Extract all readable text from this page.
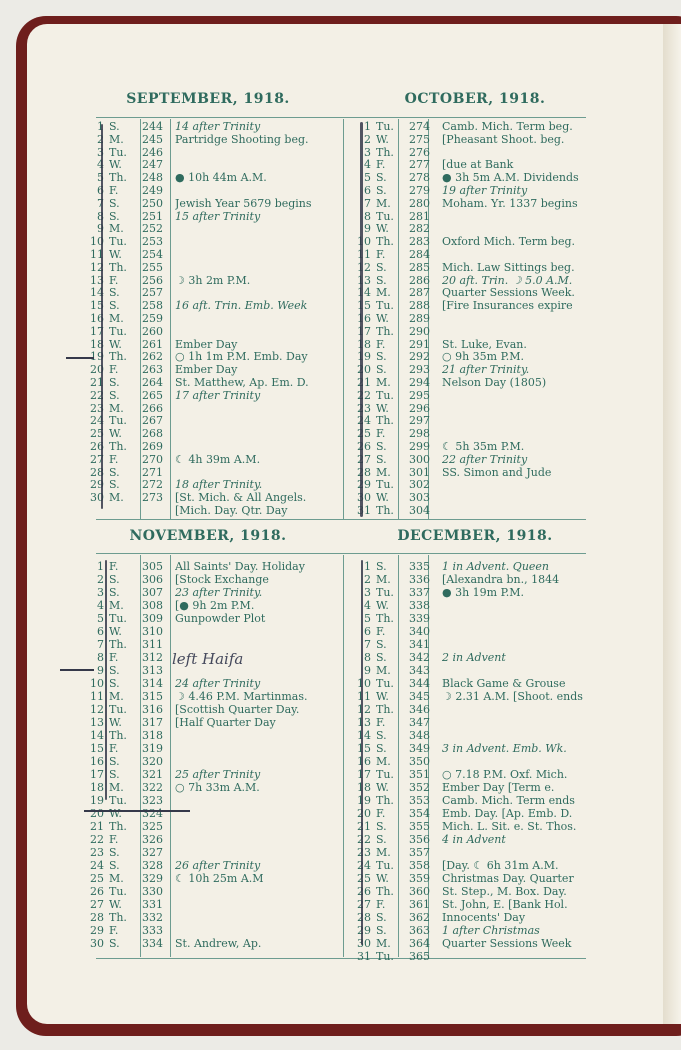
SEPTEMBER, 1918.	OCTOBER, 1918.
NOVEMBER, 1918.	DECEMBER, 1918.
1 S. 244 14 after Trinity
2 M. 245 Partridge Shooting beg.
3 Tu. 246
4 W. 247
5 Th. 248 ● 10h 44m A.M.
6 F. 249
7 S. 250 Jewish Year 5679 begins
8 S. 251 15 after Trinity
9 M. 252
10 Tu. 253
11 W. 254
12 Th. 255
13 F. 256 ☽ 3h 2m P.M.
14 S. 257
15 S. 258 16 aft. Trin. Emb. Week
16 M. 259
17 Tu. 260
18 W. 261 Ember Day
19 Th. 262 ○ 1h 1m P.M. Emb. Day
20 F. 263 Ember Day
21 S. 264 St. Matthew, Ap. Em. D.
22 S. 265 17 after Trinity
23 M. 266
24 Tu. 267
25 W. 268
26 Th. 269
27 F. 270 ☾ 4h 39m A.M.
28 S. 271
29 S. 272 18 after Trinity.
30 M. 273 [St. Mich. & All Angels.
[Mich. Day. Qtr. Day
1 Tu. 274 Camb. Mich. Term beg.
2 W. 275 [Pheasant Shoot. beg.
3 Th. 276
4 F. 277 [due at Bank
5 S. 278 ● 3h 5m A.M. Dividends
6 S. 279 19 after Trinity
7 M. 280 Moham. Yr. 1337 begins
8 Tu. 281
9 W. 282
10 Th. 283 Oxford Mich. Term beg.
11 F. 284
12 S. 285 Mich. Law Sittings beg.
13 S. 286 20 aft. Trin. ☽ 5.0 A.M.
14 M. 287 Quarter Sessions Week.
15 Tu. 288 [Fire Insurances expire
16 W. 289
17 Th. 290
18 F. 291 St. Luke, Evan.
19 S. 292 ○ 9h 35m P.M.
20 S. 293 21 after Trinity.
21 M. 294 Nelson Day (1805)
22 Tu. 295
23 W. 296
24 Th. 297
25 F. 298
26 S. 299 ☾ 5h 35m P.M.
27 S. 300 22 after Trinity
28 M. 301 SS. Simon and Jude
29 Tu. 302
30 W. 303
31 Th. 304
1 F. 305 All Saints' Day. Holiday
2 S. 306 [Stock Exchange
3 S. 307 23 after Trinity.
4 M. 308 [● 9h 2m P.M.
5 Tu. 309 Gunpowder Plot
6 W. 310
7 Th. 311
8 F. 312
9 S. 313
10 S. 314 24 after Trinity
11 M. 315 ☽ 4.46 P.M. Martinmas.
12 Tu. 316 [Scottish Quarter Day.
13 W. 317 [Half Quarter Day
14 Th. 318
15 F. 319
16 S. 320
17 S. 321 25 after Trinity
18 M. 322 ○ 7h 33m A.M.
19 Tu. 323
20 W. 324
21 Th. 325
22 F. 326
23 S. 327
24 S. 328 26 after Trinity
25 M. 329 ☾ 10h 25m A.M
26 Tu. 330
27 W. 331
28 Th. 332
29 F. 333
30 S. 334 St. Andrew, Ap.
1 S. 335 1 in Advent. Queen
2 M. 336 [Alexandra bn., 1844
3 Tu. 337 ● 3h 19m P.M.
4 W. 338
5 Th. 339
6 F. 340
7 S. 341
8 S. 342 2 in Advent
9 M. 343
10 Tu. 344 Black Game & Grouse
11 W. 345 ☽ 2.31 A.M. [Shoot. ends
12 Th. 346
13 F. 347
14 S. 348
15 S. 349 3 in Advent. Emb. Wk.
16 M. 350
17 Tu. 351 ○ 7.18 P.M. Oxf. Mich.
18 W. 352 Ember Day [Term e.
19 Th. 353 Camb. Mich. Term ends
20 F. 354 Emb. Day. [Ap. Emb. D.
21 S. 355 Mich. L. Sit. e. St. Thos.
22 S. 356 4 in Advent
23 M. 357
24 Tu. 358 [Day. ☾ 6h 31m A.M.
25 W. 359 Christmas Day. Quarter
26 Th. 360 St. Step., M. Box. Day.
27 F. 361 St. John, E. [Bank Hol.
28 S. 362 Innocents' Day
29 S. 363 1 after Christmas
30 M. 364 Quarter Sessions Week
31 Tu. 365
left Haifa
